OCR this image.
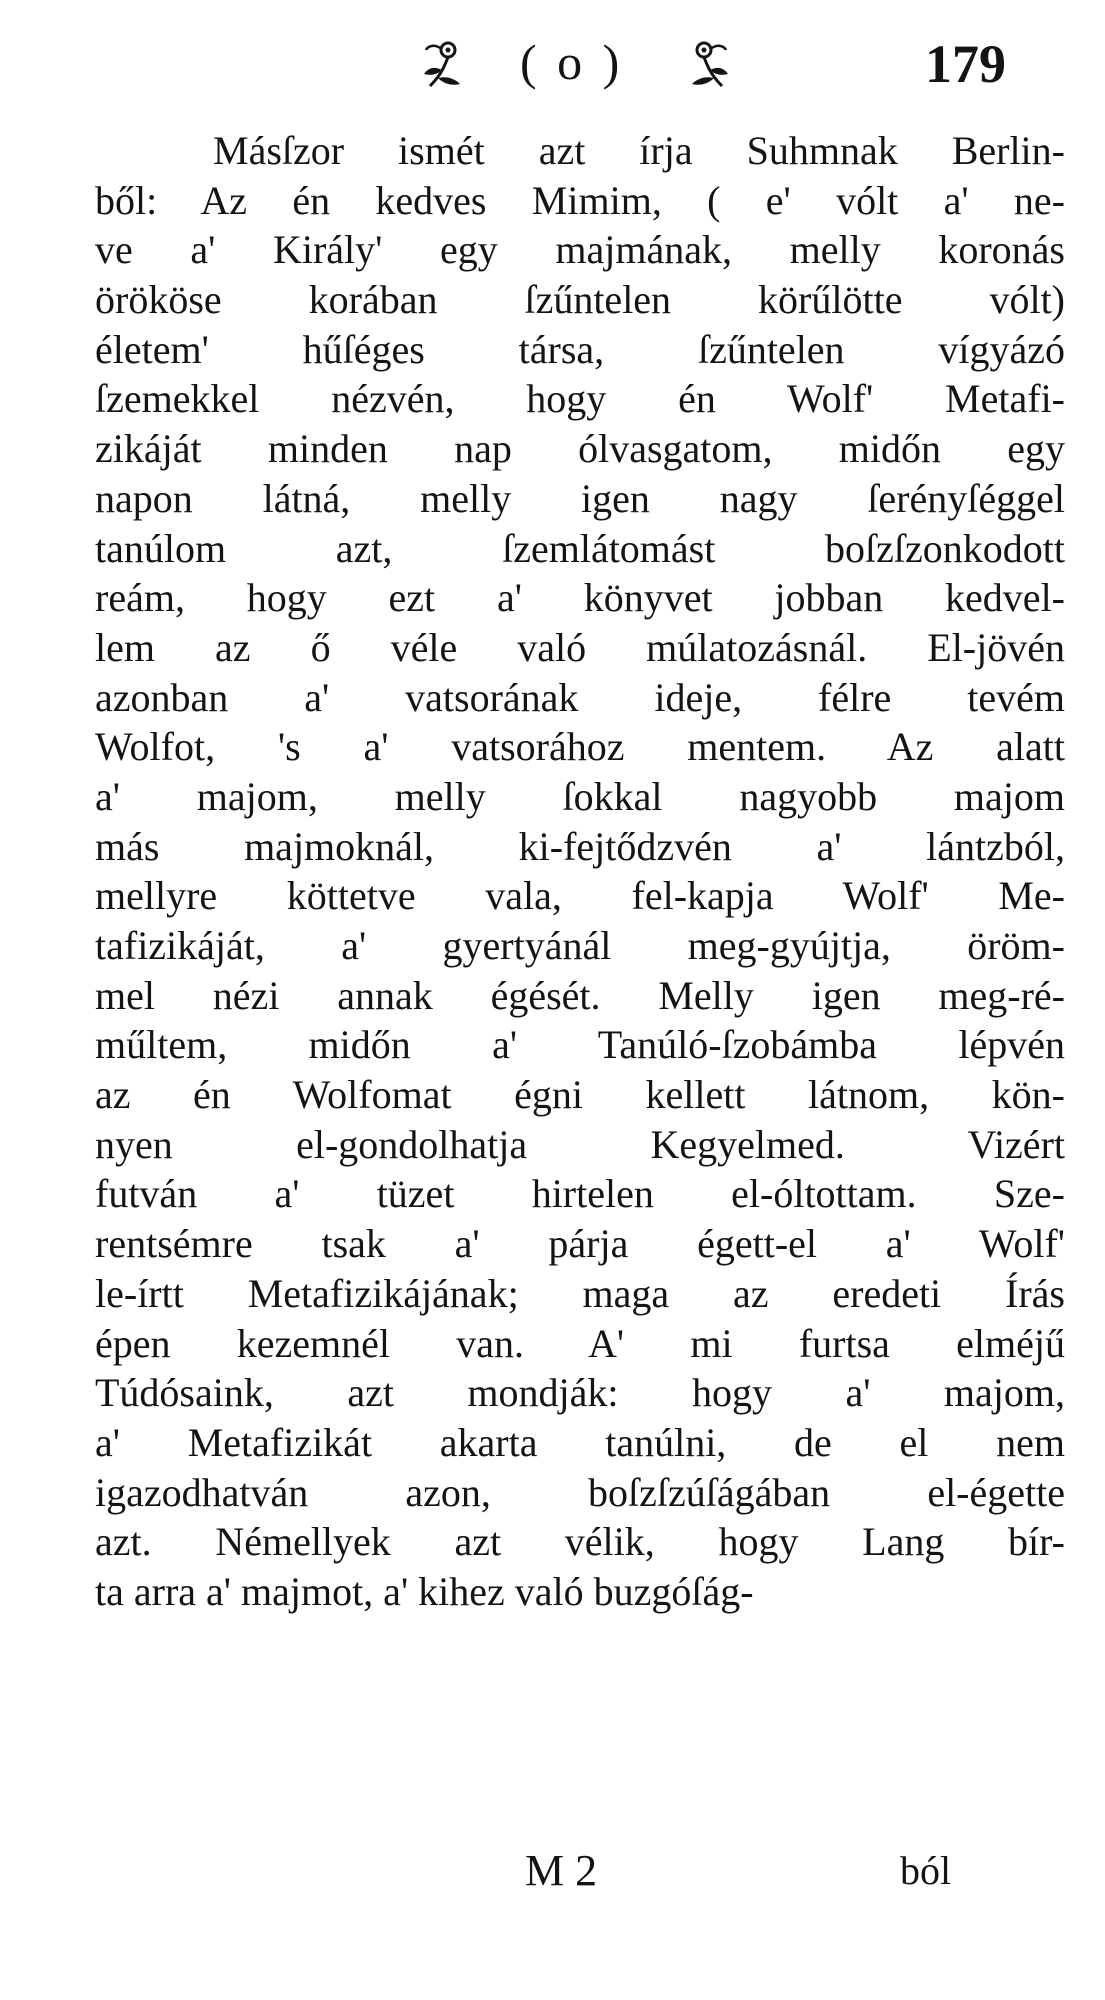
( o )	179
Másſzor ismét azt írja Suhmnak Berlin-
ből: Az én kedves Mimim, ( e' vólt a' ne-
ve a' Király' egy majmának, melly koronás
örököse korában ſzűntelen körűlötte vólt)
életem' hűſéges társa, ſzűntelen vígyázó
ſzemekkel nézvén, hogy én Wolf' Metafi-
zikáját minden nap ólvasgatom, midőn egy
napon látná, melly igen nagy ſerényſéggel
tanúlom azt, ſzemlátomást boſzſzonkodott
reám, hogy ezt a' könyvet jobban kedvel-
lem az ő véle való múlatozásnál. El-jövén
azonban a' vatsorának ideje, félre tevém
Wolfot, 's a' vatsorához mentem. Az alatt
a' majom, melly ſokkal nagyobb majom
más majmoknál, ki-fejtődzvén a' lántzból,
mellyre köttetve vala, fel-kapja Wolf' Me-
tafizikáját, a' gyertyánál meg-gyújtja, öröm-
mel nézi annak égését. Melly igen meg-ré-
műltem, midőn a' Tanúló-ſzobámba lépvén
az én Wolfomat égni kellett látnom, kön-
nyen el-gondolhatja Kegyelmed. Vizért
futván a' tüzet hirtelen el-óltottam. Sze-
rentsémre tsak a' párja égett-el a' Wolf'
le-írtt Metafizikájának; maga az eredeti Írás
épen kezemnél van. A' mi furtsa elméjű
Túdósaink, azt mondják: hogy a' majom,
a' Metafizikát akarta tanúlni, de el nem
igazodhatván azon, boſzſzúſágában el-égette
azt. Némellyek azt vélik, hogy Lang bír-
ta arra a' majmot, a' kihez való buzgóſág-
M 2	ból
